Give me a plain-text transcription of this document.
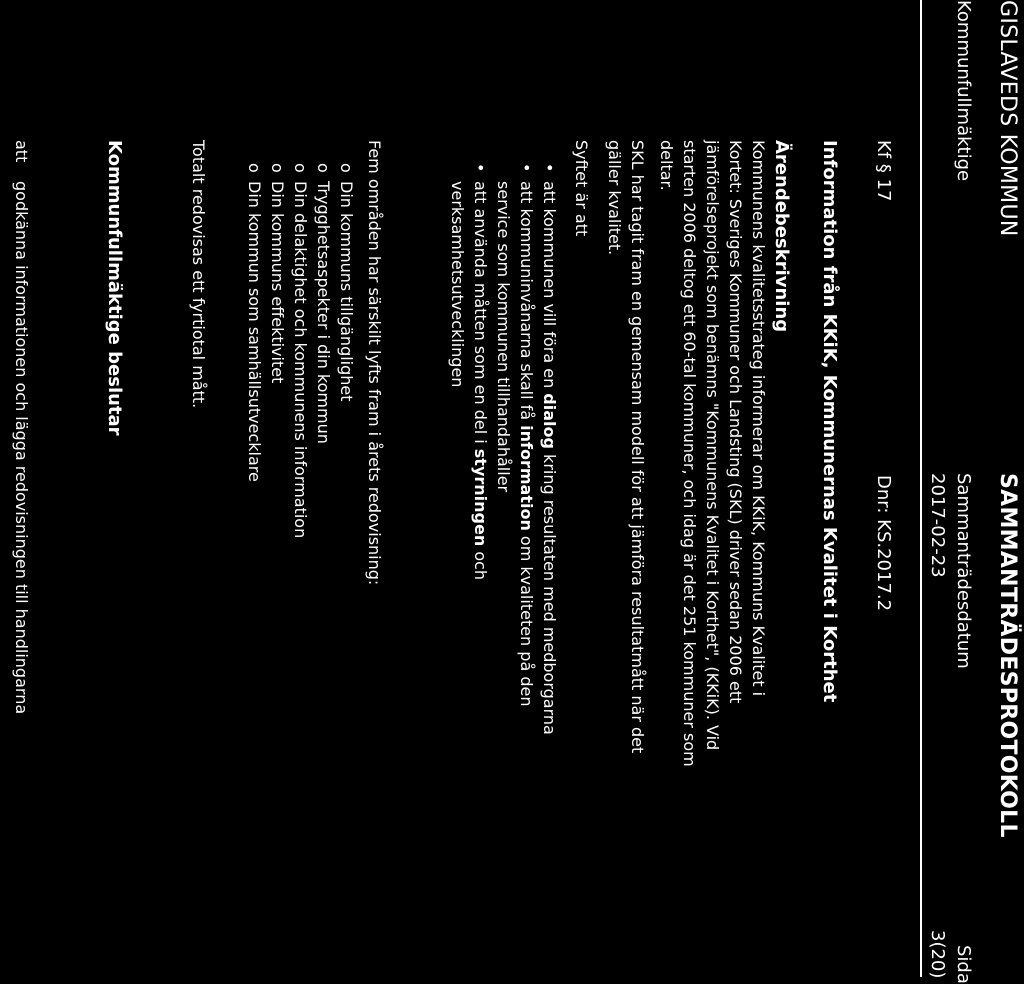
GISLAVEDS KOMMUN
SAMMANTRÄDESPROTOKOLL
Kommunfullmäktige
Sammanträdesdatum
Sida
2017-02-23
3(20)
Kf § 17
Dnr: KS.2017.2
Information från KKiK, Kommunernas Kvalitet i Korthet
Ärendebeskrivning
Kommunens kvalitetsstrateg informerar om KKiK, Kommuns Kvalitet i
Kortet: Sveriges Kommuner och Landsting (SKL) driver sedan 2006 ett
jämförelseprojekt som benämns "Kommunens Kvalitet i Korthet", (KKiK). Vid
starten 2006 deltog ett 60-tal kommuner, och idag är det 251 kommuner som
deltar.
SKL har tagit fram en gemensam modell för att jämföra resultatmått när det
gäller kvalitet.
Syftet är att
• att kommunen vill föra en dialog kring resultaten med medborgarna
• att kommuninvånarna skall få information om kvaliteten på den
service som kommunen tillhandahåller
• att använda måtten som en del i styrningen och
verksamhetsutvecklingen
Fem områden har särskilt lyfts fram i årets redovisning:
o Din kommuns tillgänglighet
o Trygghetsaspekter i din kommun
o Din delaktighet och kommunens information
o Din kommuns effektivitet
o Din kommun som samhällsutvecklare
Totalt redovisas ett fyrtiotal mått.
Kommunfullmäktige beslutar
att
godkänna informationen och lägga redovisningen till handlingarna
